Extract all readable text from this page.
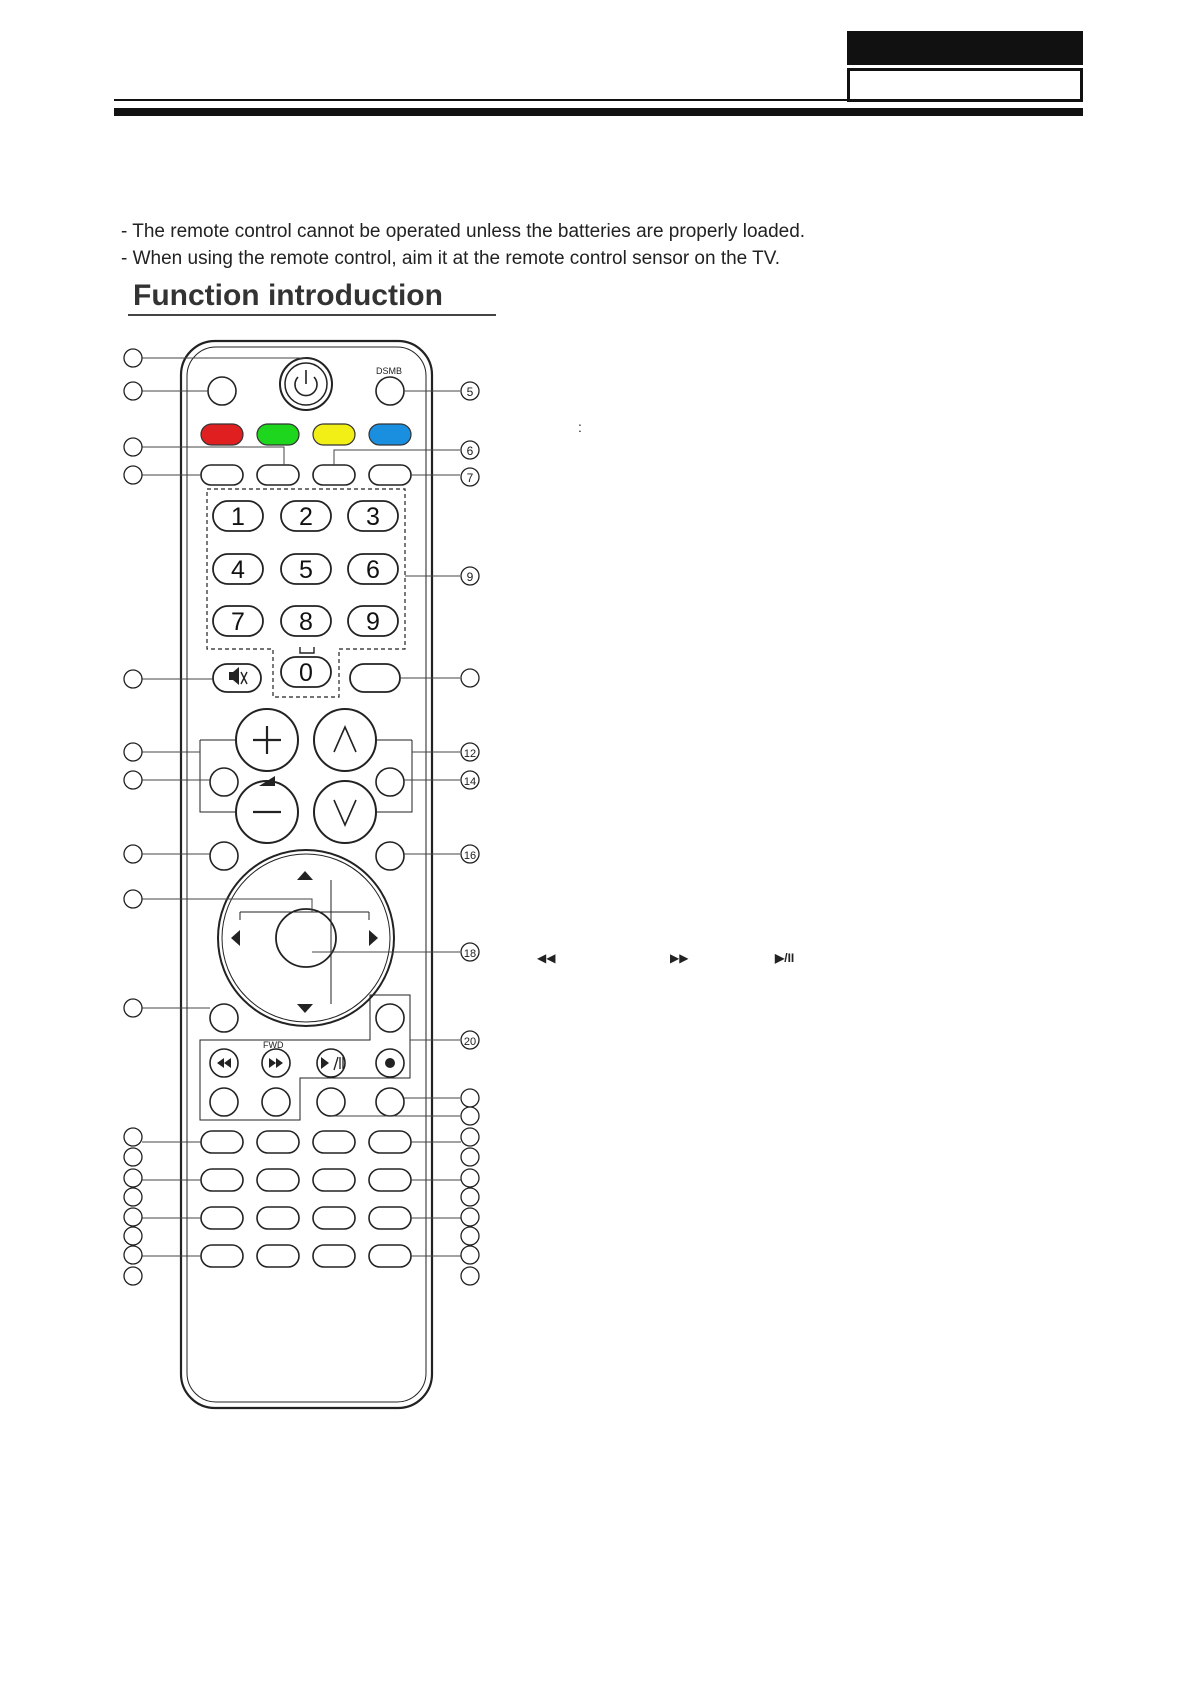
- The remote control cannot be operated unless the batteries are properly loaded.
- When using the remote control, aim it at the remote control sensor on the TV.
Function introduction
DSMB
1 2 3
4 5 6
7 8 9
0
FWD
5
6
7
9
12
14
16
18
20
:
◀◀	▶▶	▶/II
